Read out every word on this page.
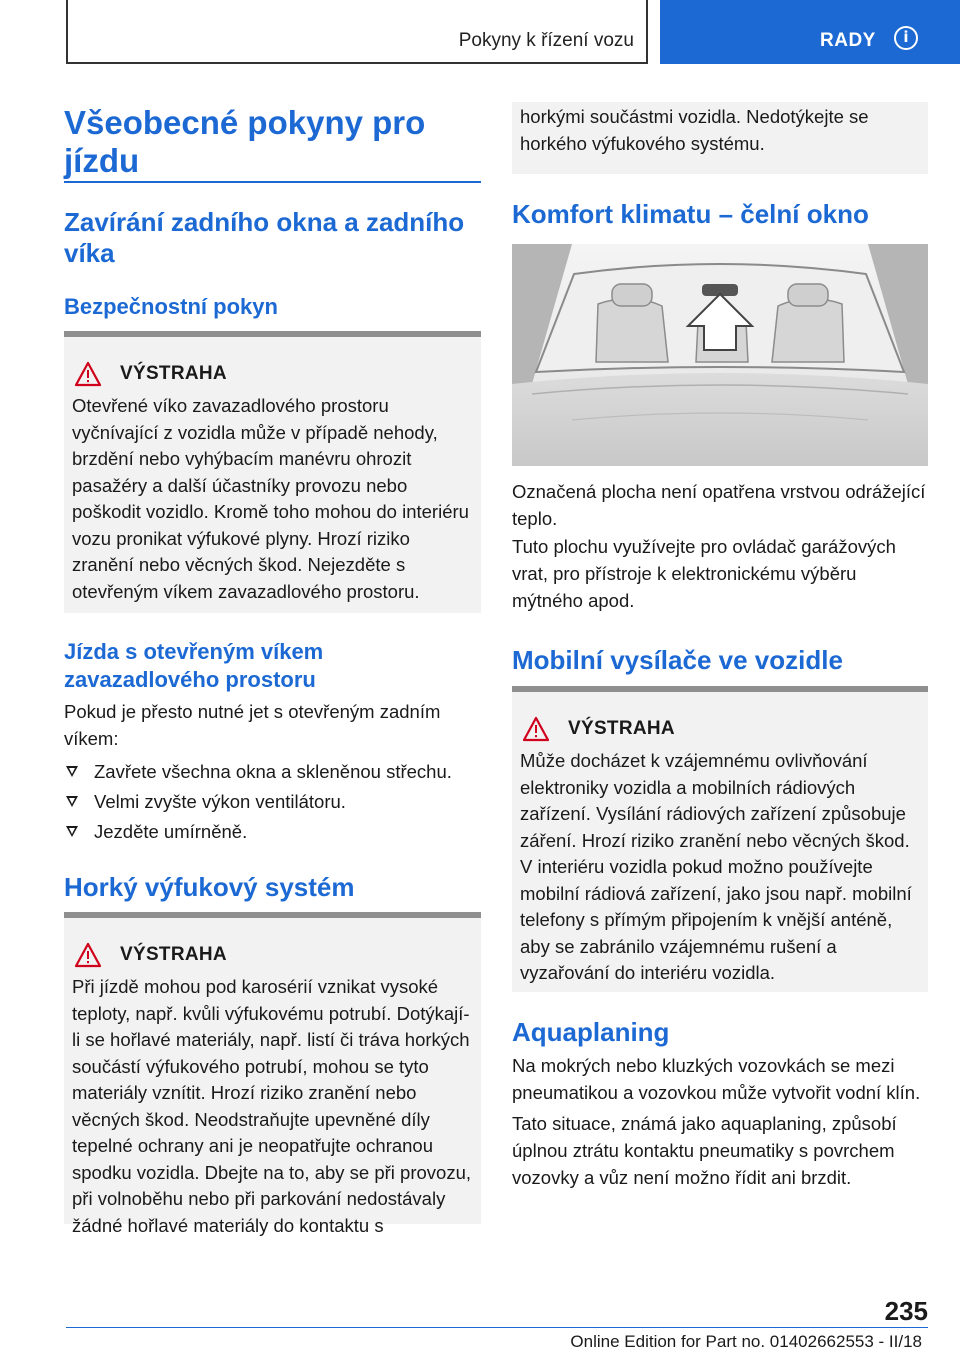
Pokyny k řízení vozu	RADY	i
Všeobecné pokyny pro jízdu
Zavírání zadního okna a zadního víka
Bezpečnostní pokyn
VÝSTRAHA
Otevřené víko zavazadlového prostoru vyčnívající z vozidla může v případě nehody, brzdění nebo vyhýbacím manévru ohrozit pasažéry a další účastníky provozu nebo poškodit vozidlo. Kromě toho mohou do interiéru vozu pronikat výfukové plyny. Hrozí riziko zranění nebo věcných škod. Nejezděte s otevřeným víkem zavazadlového prostoru.
Jízda s otevřeným víkem zavazadlového prostoru
Pokud je přesto nutné jet s otevřeným zadním víkem:
Zavřete všechna okna a skleněnou střechu.
Velmi zvyšte výkon ventilátoru.
Jezděte umírněně.
Horký výfukový systém
VÝSTRAHA
Při jízdě mohou pod karosérií vznikat vysoké teploty, např. kvůli výfukovému potrubí. Dotýkají-li se hořlavé materiály, např. listí či tráva horkých součástí výfukového potrubí, mohou se tyto materiály vznítit. Hrozí riziko zranění nebo věcných škod. Neodstraňujte upevněné díly tepelné ochrany ani je neopatřujte ochranou spodku vozidla. Dbejte na to, aby se při provozu, při volnoběhu nebo při parkování nedostávaly žádné hořlavé materiály do kontaktu s
horkými součástmi vozidla. Nedotýkejte se horkého výfukového systému.
Komfort klimatu – čelní okno
Označená plocha není opatřena vrstvou odrážející teplo.
Tuto plochu využívejte pro ovládač garážových vrat, pro přístroje k elektronickému výběru mýtného apod.
Mobilní vysílače ve vozidle
VÝSTRAHA
Může docházet k vzájemnému ovlivňování elektroniky vozidla a mobilních rádiových zařízení. Vysílání rádiových zařízení způsobuje záření. Hrozí riziko zranění nebo věcných škod. V interiéru vozidla pokud možno používejte mobilní rádiová zařízení, jako jsou např. mobilní telefony s přímým připojením k vnější anténě, aby se zabránilo vzájemnému rušení a vyzařování do interiéru vozidla.
Aquaplaning
Na mokrých nebo kluzkých vozovkách se mezi pneumatikou a vozovkou může vytvořit vodní klín.
Tato situace, známá jako aquaplaning, způsobí úplnou ztrátu kontaktu pneumatiky s povrchem vozovky a vůz není možno řídit ani brzdit.
235
Online Edition for Part no. 01402662553 - II/18
